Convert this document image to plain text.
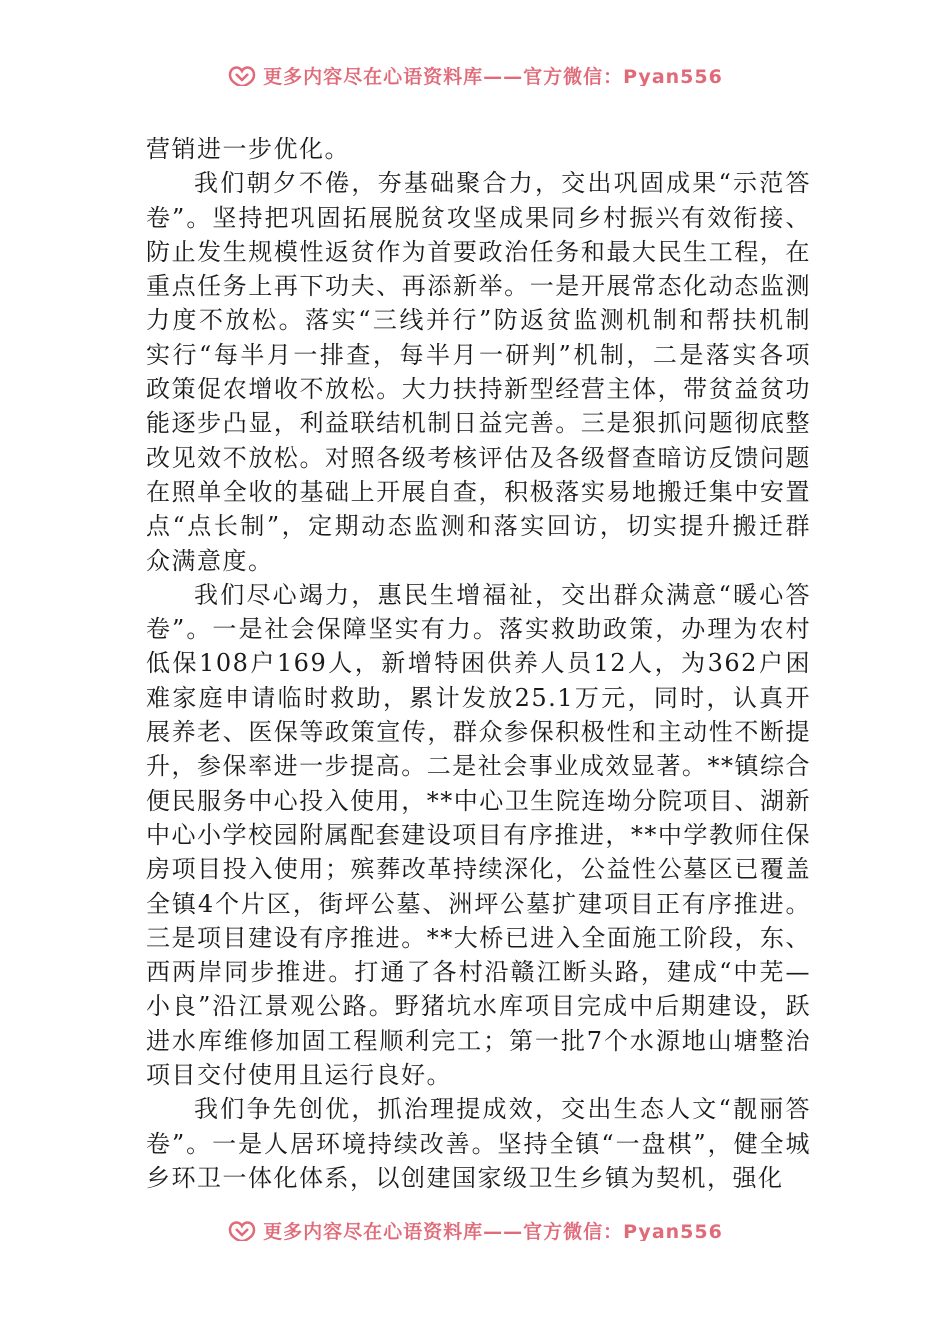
更多内容尽在心语资料库——官方微信：Pyan556

营销进一步优化。

我们朝夕不倦，夯基础聚合力，交出巩固成果“示范答卷”。坚持把巩固拓展脱贫攻坚成果同乡村振兴有效衔接、防止发生规模性返贫作为首要政治任务和最大民生工程，在重点任务上再下功夫、再添新举。一是开展常态化动态监测力度不放松。落实“三线并行”防返贫监测机制和帮扶机制实行“每半月一排查，每半月一研判”机制，二是落实各项政策促农增收不放松。大力扶持新型经营主体，带贫益贫功能逐步凸显，利益联结机制日益完善。三是狠抓问题彻底整改见效不放松。对照各级考核评估及各级督查暗访反馈问题在照单全收的基础上开展自查，积极落实易地搬迁集中安置点“点长制”，定期动态监测和落实回访，切实提升搬迁群众满意度。

我们尽心竭力，惠民生增福祉，交出群众满意“暖心答卷”。一是社会保障坚实有力。落实救助政策，办理为农村低保108户169人，新增特困供养人员12人，为362户困难家庭申请临时救助，累计发放25.1万元，同时，认真开展养老、医保等政策宣传，群众参保积极性和主动性不断提升，参保率进一步提高。二是社会事业成效显著。**镇综合便民服务中心投入使用，**中心卫生院连坳分院项目、湖新中心小学校园附属配套建设项目有序推进，**中学教师住保房项目投入使用；殡葬改革持续深化，公益性公墓区已覆盖全镇4个片区，街坪公墓、洲坪公墓扩建项目正有序推进。三是项目建设有序推进。**大桥已进入全面施工阶段，东、西两岸同步推进。打通了各村沿赣江断头路，建成“中芜—小良”沿江景观公路。野猪坑水库项目完成中后期建设，跃进水库维修加固工程顺利完工；第一批7个水源地山塘整治项目交付使用且运行良好。

我们争先创优，抓治理提成效，交出生态人文“靓丽答卷”。一是人居环境持续改善。坚持全镇“一盘棋”，健全城乡环卫一体化体系，以创建国家级卫生乡镇为契机，强化

更多内容尽在心语资料库——官方微信：Pyan556
